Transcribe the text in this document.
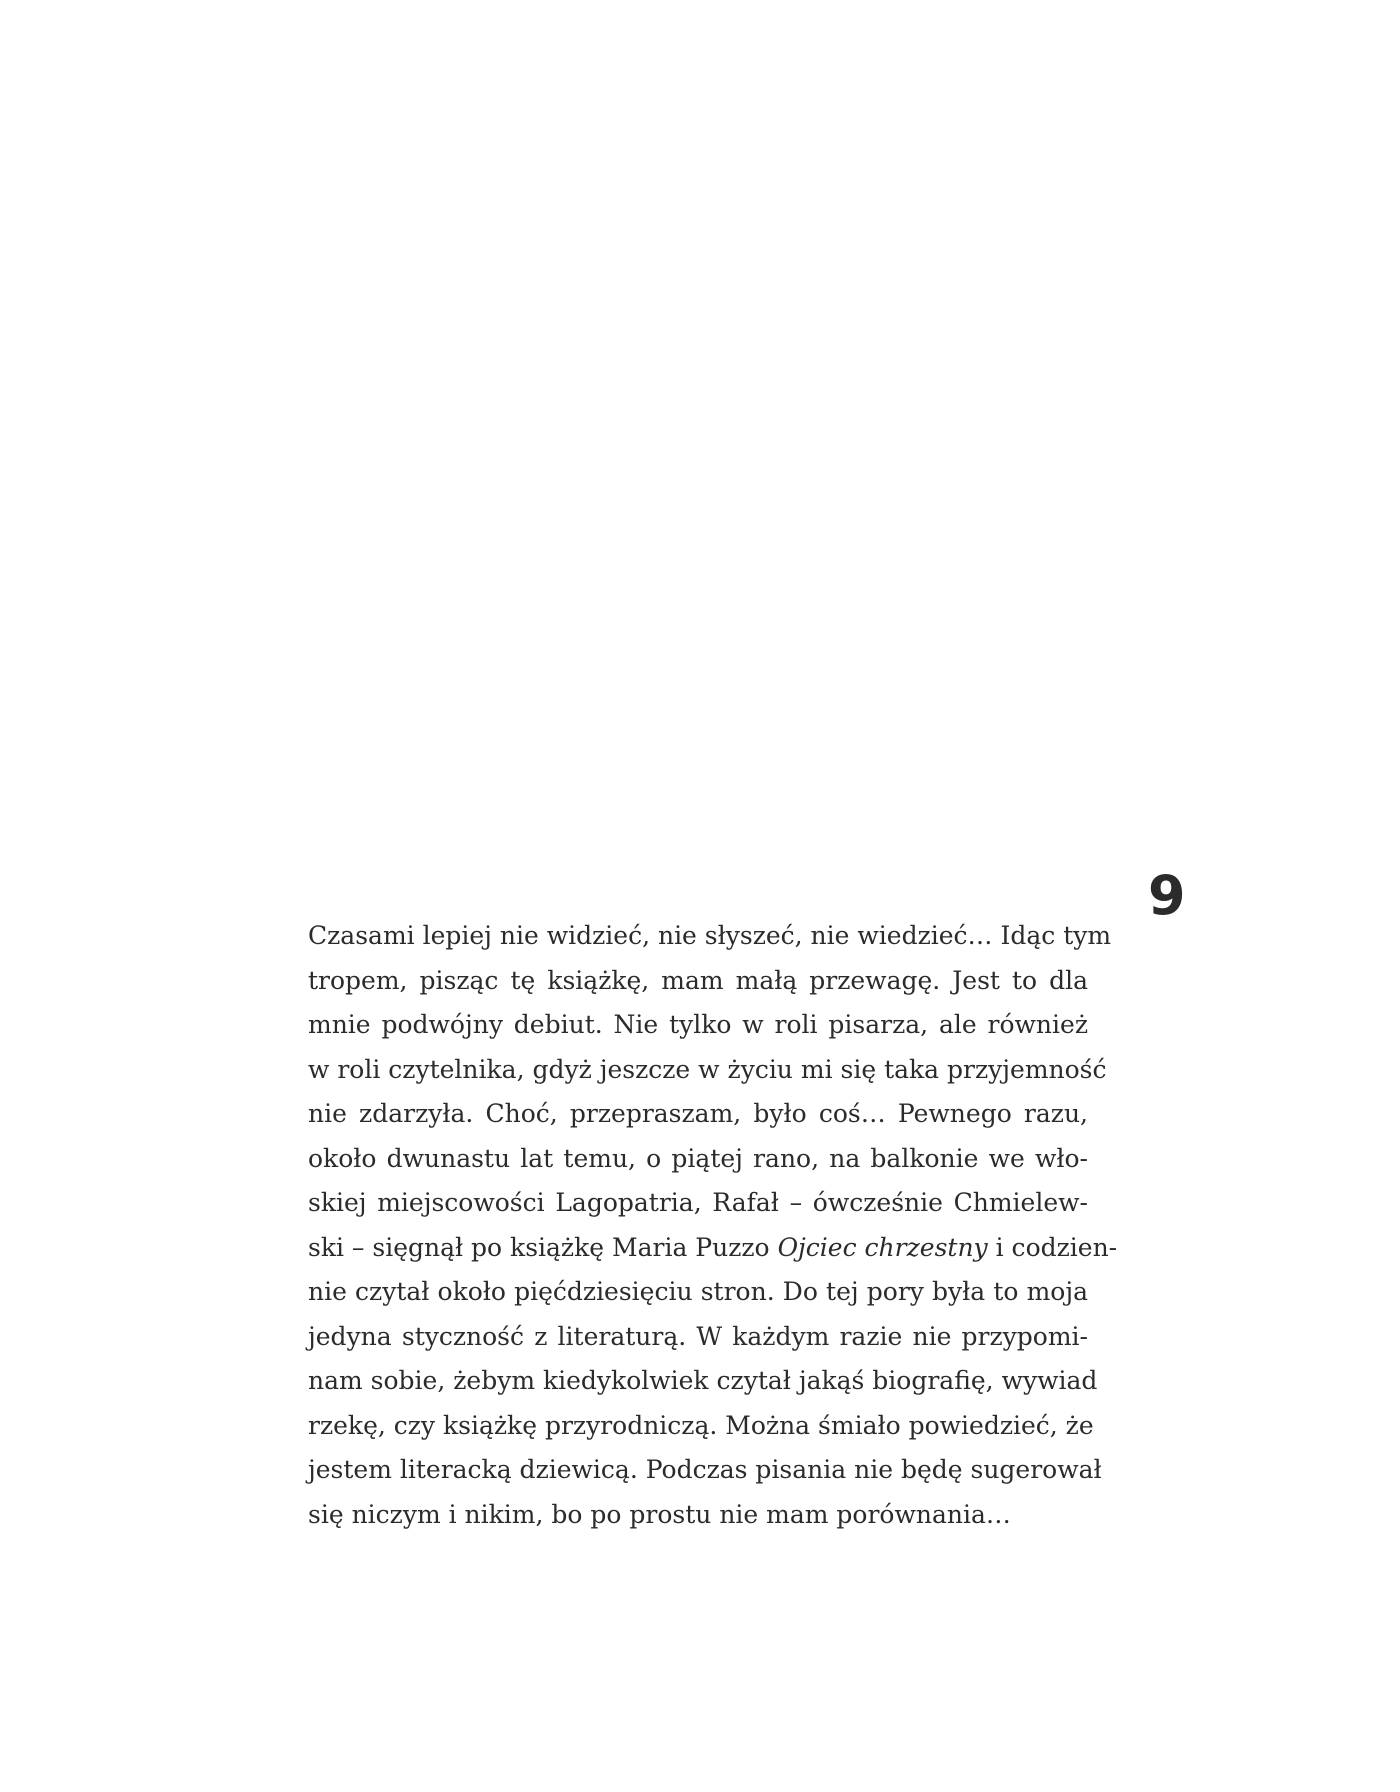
9
Czasami lepiej nie widzieć, nie słyszeć, nie wiedzieć… Idąc tym
tropem, pisząc tę książkę, mam małą przewagę. Jest to dla
mnie podwójny debiut. Nie tylko w roli pisarza, ale również
w roli czytelnika, gdyż jeszcze w życiu mi się taka przyjemność
nie zdarzyła. Choć, przepraszam, było coś… Pewnego razu,
około dwunastu lat temu, o piątej rano, na balkonie we wło-
skiej miejscowości Lagopatria, Rafał – ówcześnie Chmielew-
ski – sięgnął po książkę Maria Puzzo Ojciec chrzestny i codzien-
nie czytał około pięćdziesięciu stron. Do tej pory była to moja
jedyna styczność z literaturą. W każdym razie nie przypomi-
nam sobie, żebym kiedykolwiek czytał jakąś biografię, wywiad
rzekę, czy książkę przyrodniczą. Można śmiało powiedzieć, że
jestem literacką dziewicą. Podczas pisania nie będę sugerował
się niczym i nikim, bo po prostu nie mam porównania…
